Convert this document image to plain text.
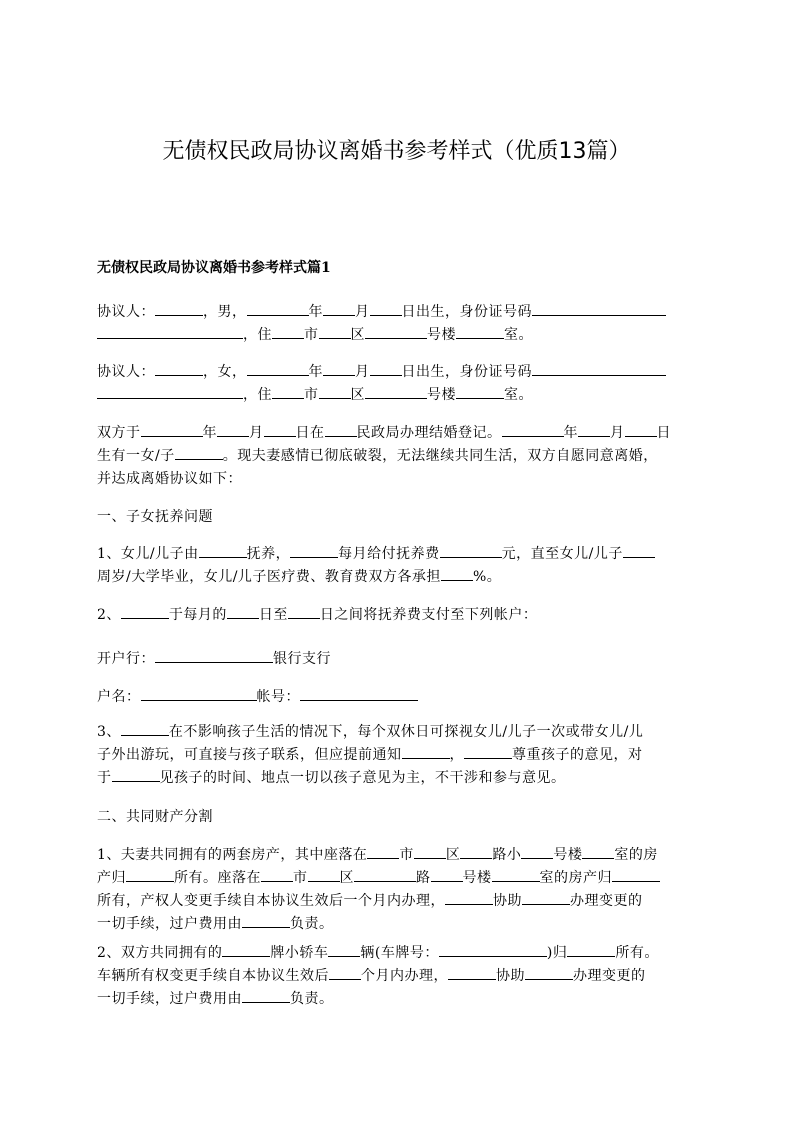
无债权民政局协议离婚书参考样式（优质13篇）
无债权民政局协议离婚书参考样式篇1
协议人：	，男，	年 月 日出生，身份证号码
，住 市 区	号楼	室。
协议人：	，女，	年 月 日出生，身份证号码
，住 市 区	号楼	室。
双方于	年 月 日在 民政局办理结婚登记。	年 月 日
生有一女/子	。现夫妻感情已彻底破裂，无法继续共同生活，双方自愿同意离婚，
并达成离婚协议如下：
一、子女抚养问题
1、女儿/儿子由	抚养，	每月给付抚养费	元，直至女儿/儿子
周岁/大学毕业，女儿/儿子医疗费、教育费双方各承担 %。
2、	于每月的 日至 日之间将抚养费支付至下列帐户：
开户行：	银行支行
户名：	帐号：
3、	在不影响孩子生活的情况下，每个双休日可探视女儿/儿子一次或带女儿/儿
子外出游玩，可直接与孩子联系，但应提前通知	，	尊重孩子的意见，对
于	见孩子的时间、地点一切以孩子意见为主，不干涉和参与意见。
二、共同财产分割
1、夫妻共同拥有的两套房产，其中座落在 市 区 路小 号楼 室的房
产归	所有。座落在 市 区	路 号楼	室的房产归
所有，产权人变更手续自本协议生效后一个月内办理，	协助	办理变更的
一切手续，过户费用由	负责。
2、双方共同拥有的	牌小轿车 辆(车牌号：	)归	所有。
车辆所有权变更手续自本协议生效后 个月内办理，	协助	办理变更的
一切手续，过户费用由	负责。
